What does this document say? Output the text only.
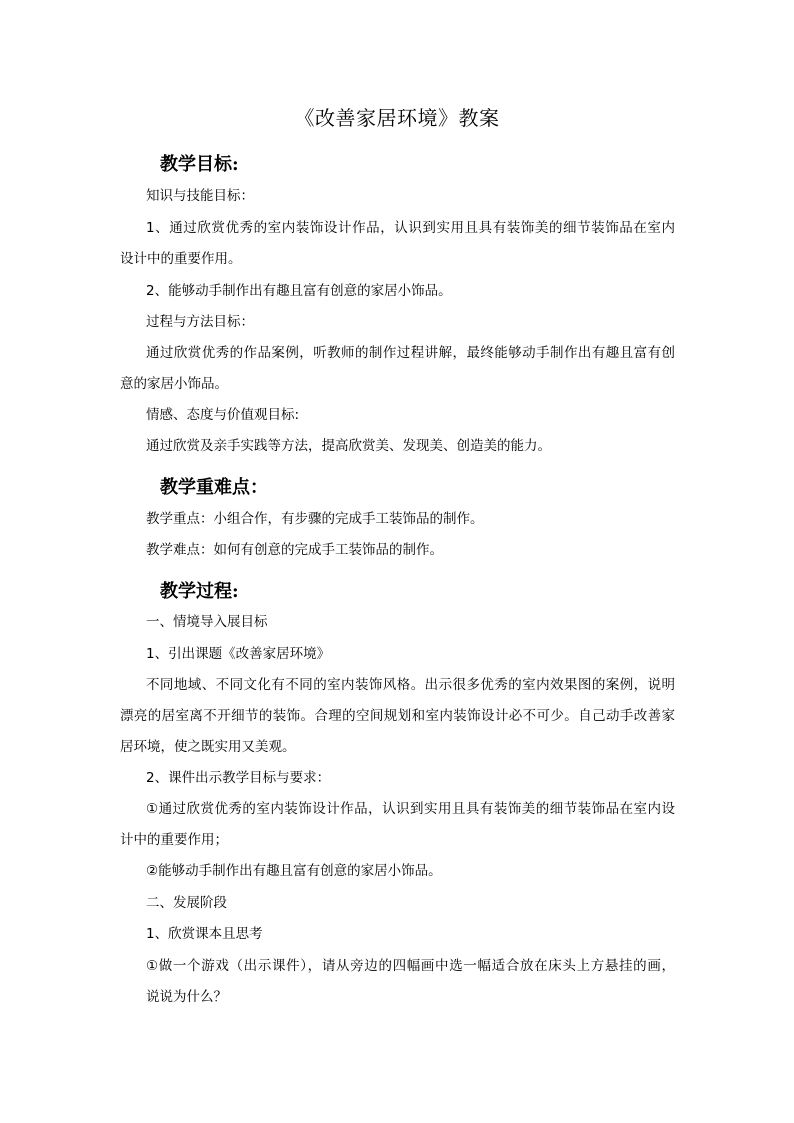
《改善家居环境》教案
教学目标:
知识与技能目标：
1、通过欣赏优秀的室内装饰设计作品，认识到实用且具有装饰美的细节装饰品在室内
设计中的重要作用。
2、能够动手制作出有趣且富有创意的家居小饰品。
过程与方法目标：
通过欣赏优秀的作品案例，听教师的制作过程讲解，最终能够动手制作出有趣且富有创
意的家居小饰品。
情感、态度与价值观目标:
通过欣赏及亲手实践等方法，提高欣赏美、发现美、创造美的能力。
教学重难点：
教学重点：小组合作，有步骤的完成手工装饰品的制作。
教学难点：如何有创意的完成手工装饰品的制作。
教学过程:
一、情境导入展目标
1、引出课题《改善家居环境》
不同地域、不同文化有不同的室内装饰风格。出示很多优秀的室内效果图的案例，说明
漂亮的居室离不开细节的装饰。合理的空间规划和室内装饰设计必不可少。自己动手改善家
居环境，使之既实用又美观。
2、课件出示教学目标与要求：
①通过欣赏优秀的室内装饰设计作品，认识到实用且具有装饰美的细节装饰品在室内设
计中的重要作用；
②能够动手制作出有趣且富有创意的家居小饰品。
二、发展阶段
1、欣赏课本且思考
①做一个游戏（出示课件），请从旁边的四幅画中选一幅适合放在床头上方悬挂的画，
说说为什么？
